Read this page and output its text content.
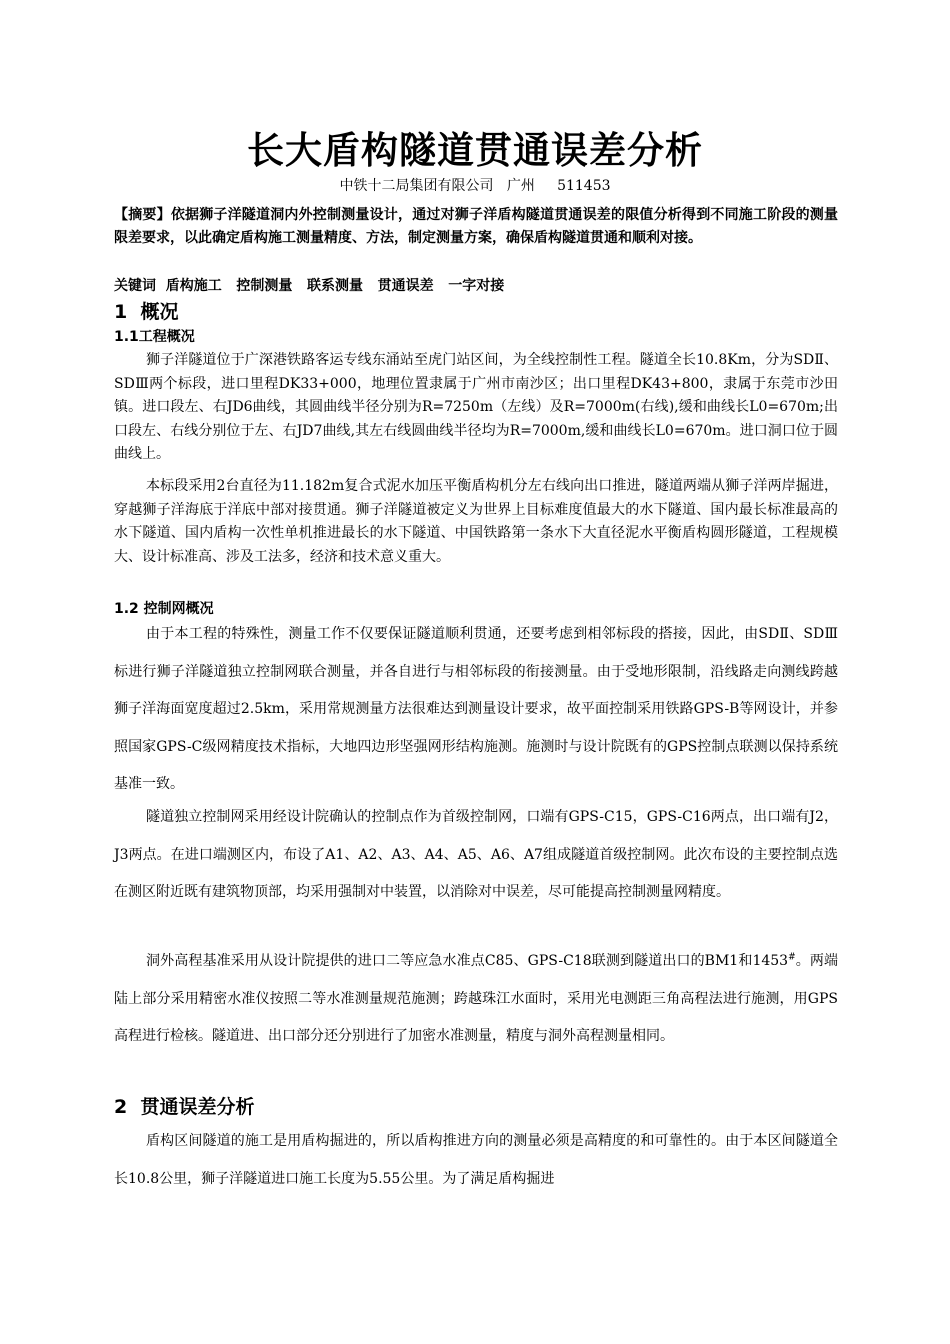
长大盾构隧道贯通误差分析
中铁十二局集团有限公司   广州     511453
【摘要】依据狮子洋隧道洞内外控制测量设计，通过对狮子洋盾构隧道贯通误差的限值分析得到不同施工阶段的测量限差要求，以此确定盾构施工测量精度、方法，制定测量方案，确保盾构隧道贯通和顺利对接。
关键词  盾构施工   控制测量   联系测量   贯通误差   一字对接
1  概况
1.1工程概况
狮子洋隧道位于广深港铁路客运专线东涌站至虎门站区间，为全线控制性工程。隧道全长10.8Km，分为SDⅡ、SDⅢ两个标段，进口里程DK33+000，地理位置隶属于广州市南沙区；出口里程DK43+800，隶属于东莞市沙田镇。进口段左、右JD6曲线，其圆曲线半径分别为R=7250m（左线）及R=7000m(右线),缓和曲线长L0=670m;出口段左、右线分别位于左、右JD7曲线,其左右线圆曲线半径均为R=7000m,缓和曲线长L0=670m。进口洞口位于圆曲线上。
本标段采用2台直径为11.182m复合式泥水加压平衡盾构机分左右线向出口推进，隧道两端从狮子洋两岸掘进，穿越狮子洋海底于洋底中部对接贯通。狮子洋隧道被定义为世界上目标难度值最大的水下隧道、国内最长标准最高的水下隧道、国内盾构一次性单机推进最长的水下隧道、中国铁路第一条水下大直径泥水平衡盾构圆形隧道，工程规模大、设计标准高、涉及工法多，经济和技术意义重大。
1.2 控制网概况
由于本工程的特殊性，测量工作不仅要保证隧道顺利贯通，还要考虑到相邻标段的搭接，因此，由SDⅡ、SDⅢ标进行狮子洋隧道独立控制网联合测量，并各自进行与相邻标段的衔接测量。由于受地形限制，沿线路走向测线跨越狮子洋海面宽度超过2.5km，采用常规测量方法很难达到测量设计要求，故平面控制采用铁路GPS-B等网设计，并参照国家GPS-C级网精度技术指标，大地四边形坚强网形结构施测。施测时与设计院既有的GPS控制点联测以保持系统基准一致。
隧道独立控制网采用经设计院确认的控制点作为首级控制网，口端有GPS-C15，GPS-C16两点，出口端有J2，J3两点。在进口端测区内，布设了A1、A2、A3、A4、A5、A6、A7组成隧道首级控制网。此次布设的主要控制点选在测区附近既有建筑物顶部，均采用强制对中装置，以消除对中误差，尽可能提高控制测量网精度。
洞外高程基准采用从设计院提供的进口二等应急水准点C85、GPS-C18联测到隧道出口的BM1和1453#。两端陆上部分采用精密水准仪按照二等水准测量规范施测；跨越珠江水面时，采用光电测距三角高程法进行施测，用GPS高程进行检核。隧道进、出口部分还分别进行了加密水准测量，精度与洞外高程测量相同。
2  贯通误差分析
盾构区间隧道的施工是用盾构掘进的，所以盾构推进方向的测量必须是高精度的和可靠性的。由于本区间隧道全长10.8公里，狮子洋隧道进口施工长度为5.55公里。为了满足盾构掘进
